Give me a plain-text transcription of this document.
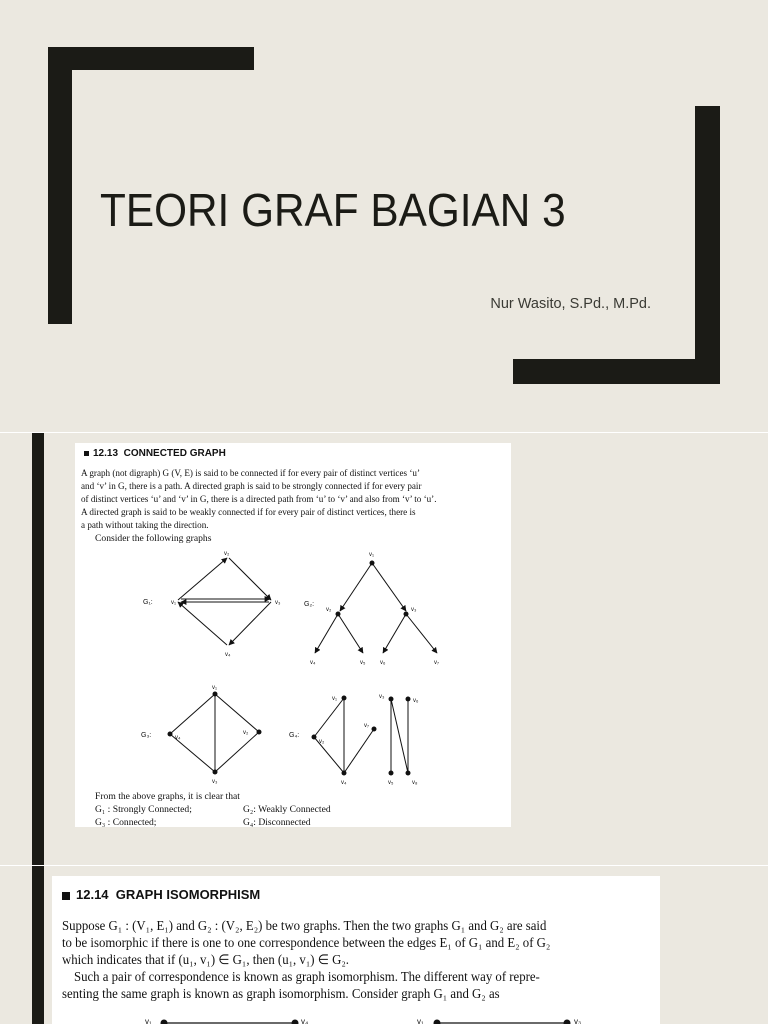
TEORI GRAF BAGIAN 3
Nur Wasito, S.Pd., M.Pd.
12.13 CONNECTED GRAPH
A graph (not digraph) G (V, E) is said to be connected if for every pair of distinct vertices ‘u’
and ‘v’ in G, there is a path. A directed graph is said to be strongly connected if for every pair
of distinct vertices ‘u’ and ‘v’ in G, there is a directed path from ‘u’ to ‘v’ and also from ‘v’ to ‘u’.
A directed graph is said to be weakly connected if for every pair of distinct vertices, there is
a path without taking the direction.
Consider the following graphs
G₁:	v₁
v₂
v₃
v₄
G₂:
v₁
v₂	v₃
v₄	v₅ v₆	v₇
G₃:
v₁
v₂
v₃
v₄	G₄:
v₁
v₂
v₃
v₄	v₅
v₆
v₇
v₈
From the above graphs, it is clear that
G₁ : Strongly Connected;	G₂: Weakly Connected
G₃ : Connected;	G₄: Disconnected
12.14 GRAPH ISOMORPHISM
Suppose G₁ : (V₁, E₁) and G₂ : (V₂, E₂) be two graphs. Then the two graphs G₁ and G₂ are said
to be isomorphic if there is one to one correspondence between the edges E₁ of G₁ and E₂ of G₂
which indicates that if (u₁, v₁) ∈ G₁, then (u₁, v₁) ∈ G₂.
Such a pair of correspondence is known as graph isomorphism. The different way of repre-
senting the same graph is known as graph isomorphism. Consider graph G₁ and G₂ as
v₁	v₄	v₁	v₃
